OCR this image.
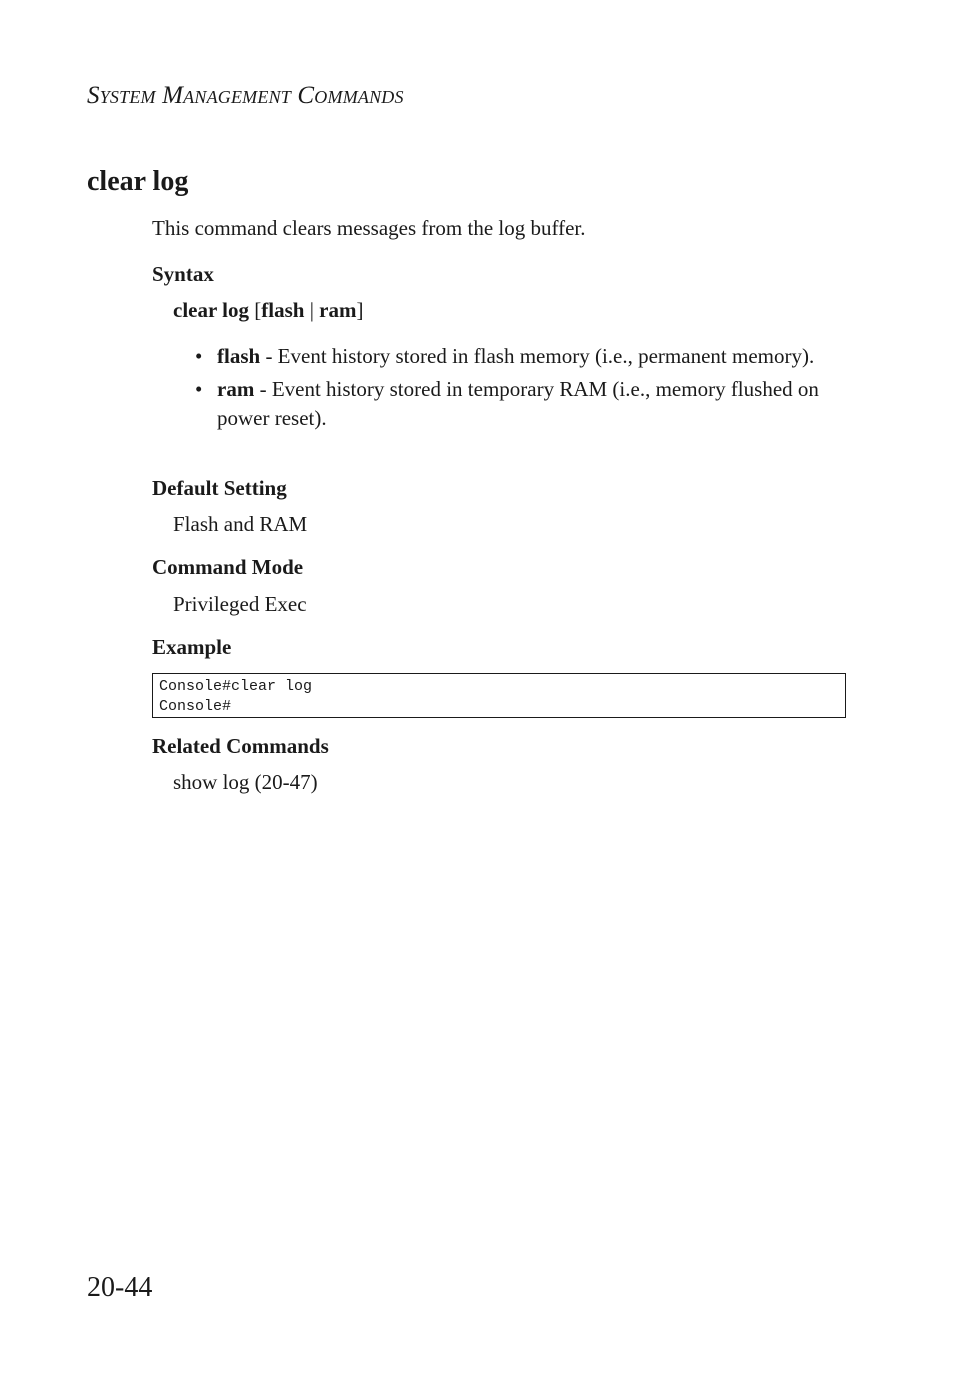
System Management Commands
clear log
This command clears messages from the log buffer.
Syntax
clear log [flash | ram]
• flash - Event history stored in flash memory (i.e., permanent memory).
• ram - Event history stored in temporary RAM (i.e., memory flushed on power reset).
Default Setting
Flash and RAM
Command Mode
Privileged Exec
Example
Console#clear log
Console#
Related Commands
show log (20-47)
20-44
